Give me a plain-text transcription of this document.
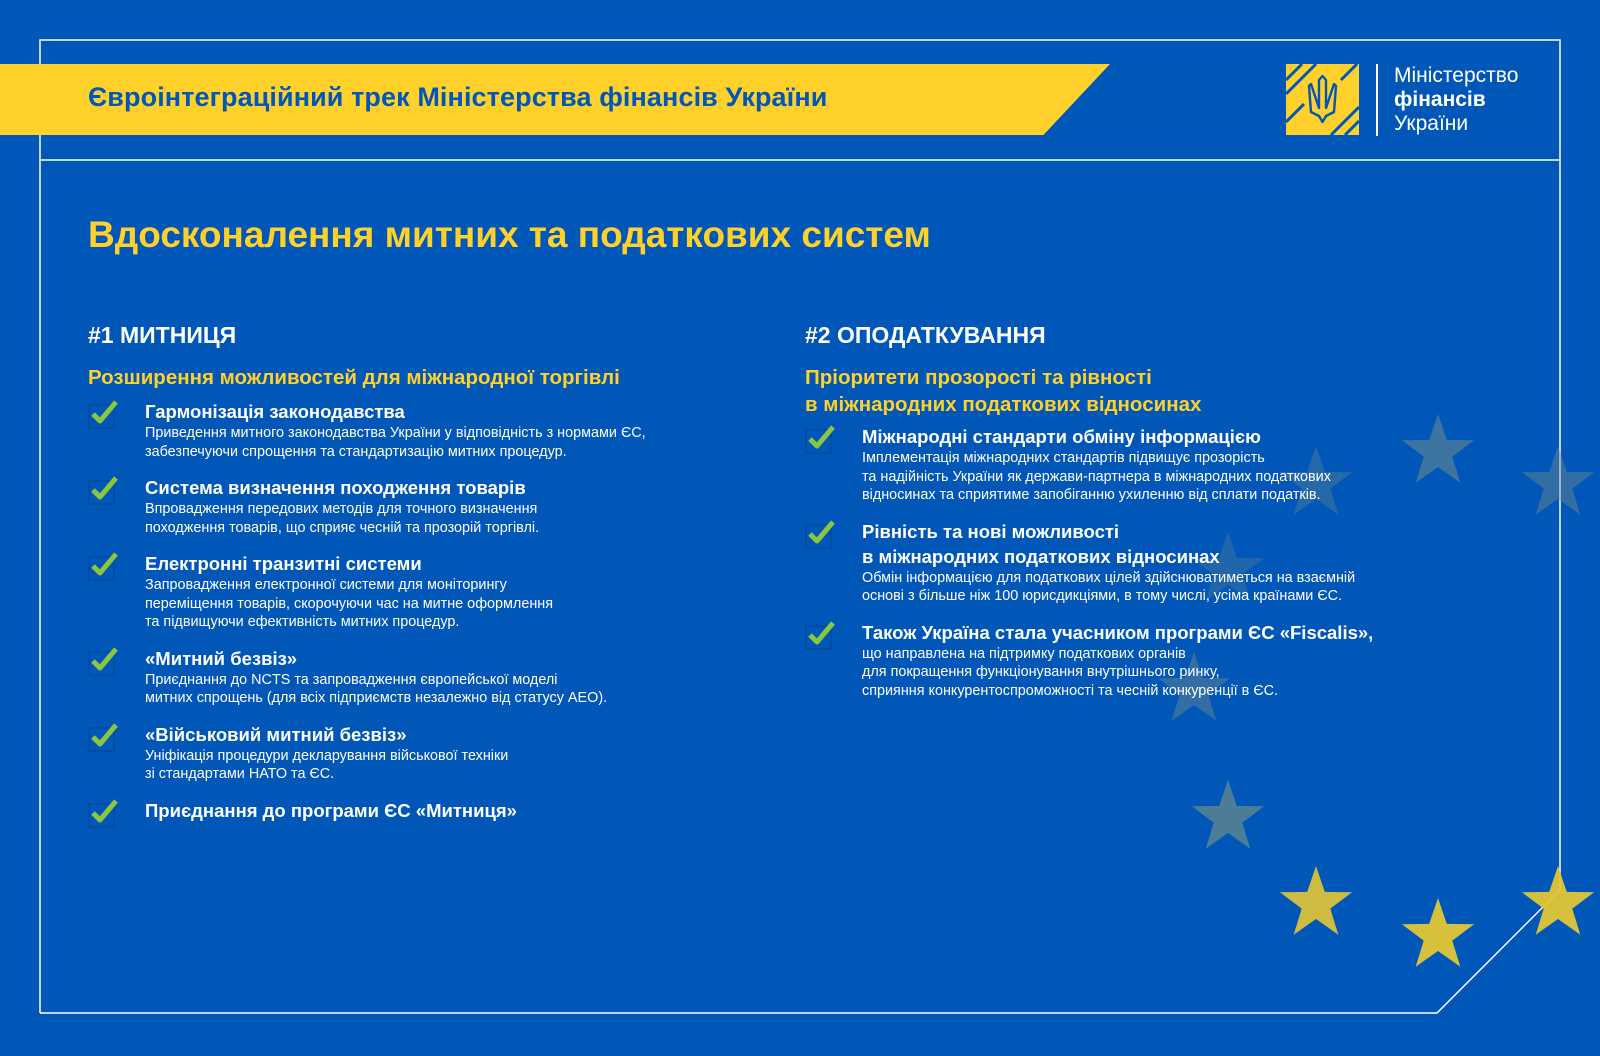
Євроінтеграційний трек Міністерства фінансів України
Міністерство
фінансів
України
Вдосконалення митних та податкових систем
#1 МИТНИЦЯ
Розширення можливостей для міжнародної торгівлі
Гармонізація законодавства
Приведення митного законодавства України у відповідність з нормами ЄС,
забезпечуючи спрощення та стандартизацію митних процедур.
Система визначення походження товарів
Впровадження передових методів для точного визначення
походження товарів, що сприяє чесній та прозорій торгівлі.
Електронні транзитні системи
Запровадження електронної системи для моніторингу
переміщення товарів, скорочуючи час на митне оформлення
та підвищуючи ефективність митних процедур.
«Митний безвіз»
Приєднання до NCTS та запровадження європейської моделі
митних спрощень (для всіх підприємств незалежно від статусу АЕО).
«Військовий митний безвіз»
Уніфікація процедури декларування військової техніки
зі стандартами НАТО та ЄС.
Приєднання до програми ЄС «Митниця»
#2 ОПОДАТКУВАННЯ
Пріоритети прозорості та рівності
в міжнародних податкових відносинах
Міжнародні стандарти обміну інформацією
Імплементація міжнародних стандартів підвищує прозорість
та надійність України як держави-партнера в міжнародних податкових
відносинах та сприятиме запобіганню ухиленню від сплати податків.
Рівність та нові можливості
в міжнародних податкових відносинах
Обмін інформацією для податкових цілей здійснюватиметься на взаємній
основі з більше ніж 100 юрисдикціями, в тому числі, усіма країнами ЄС.
Також Україна стала учасником програми ЄС «Fiscalis»,
що направлена на підтримку податкових органів
для покращення функціонування внутрішнього ринку,
сприяння конкурентоспроможності та чесній конкуренції в ЄС.
